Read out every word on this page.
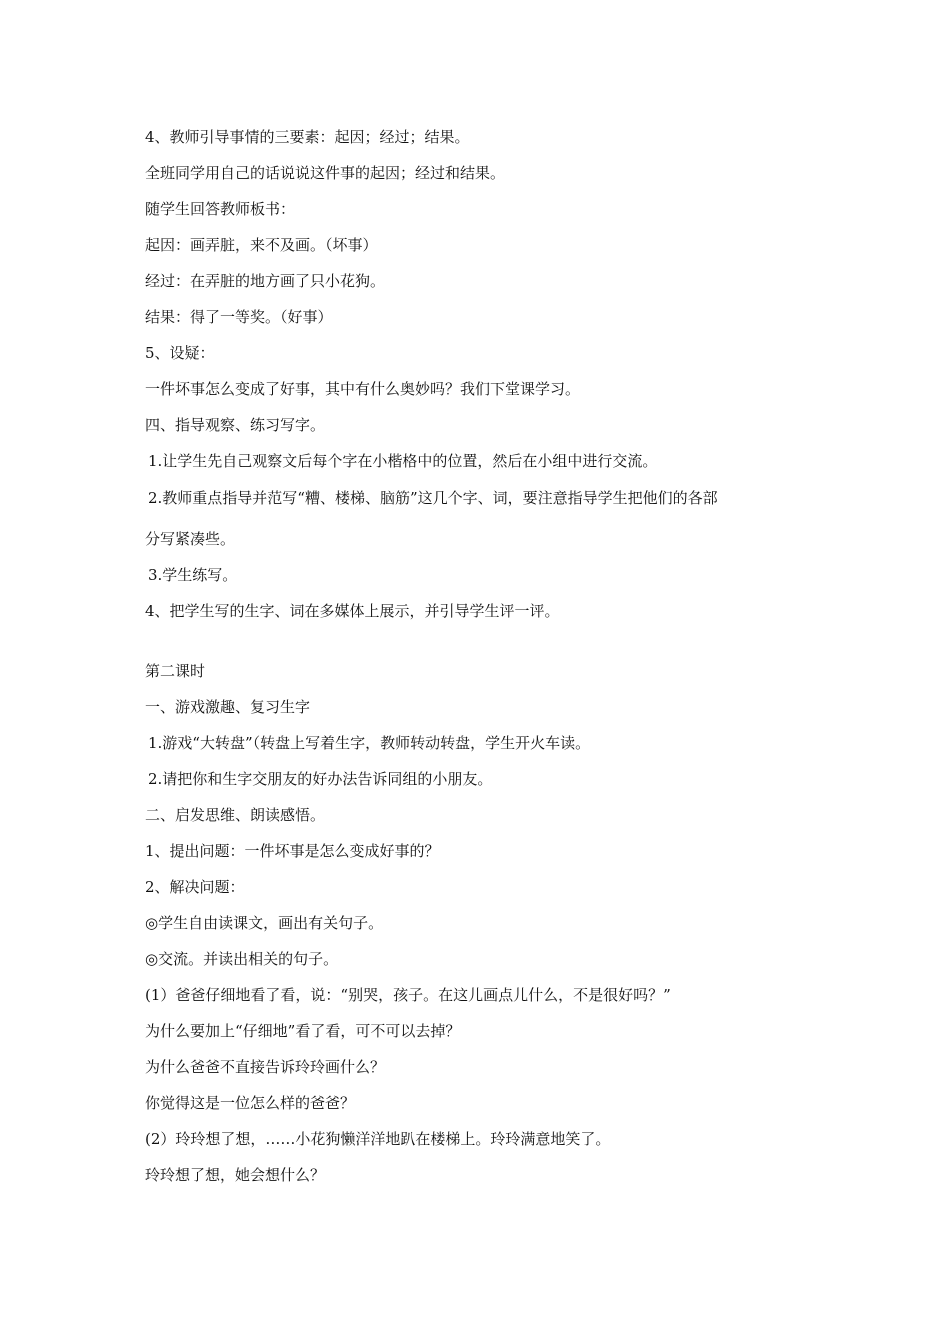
4、教师引导事情的三要素：起因；经过；结果。
全班同学用自己的话说说这件事的起因；经过和结果。
随学生回答教师板书：
起因：画弄脏，来不及画。（坏事）
经过：在弄脏的地方画了只小花狗。
结果：得了一等奖。（好事）
5、设疑：
一件坏事怎么变成了好事，其中有什么奥妙吗？我们下堂课学习。
四、指导观察、练习写字。
1.让学生先自己观察文后每个字在小楷格中的位置，然后在小组中进行交流。
2.教师重点指导并范写“糟、楼梯、脑筋”这几个字、词，要注意指导学生把他们的各部
分写紧凑些。
3.学生练写。
4、把学生写的生字、词在多媒体上展示，并引导学生评一评。
第二课时
一、游戏激趣、复习生字
1.游戏“大转盘”（转盘上写着生字，教师转动转盘，学生开火车读。
2.请把你和生字交朋友的好办法告诉同组的小朋友。
二、启发思维、朗读感悟。
1、提出问题：一件坏事是怎么变成好事的？
2、解决问题：
◎学生自由读课文，画出有关句子。
◎交流。并读出相关的句子。
(1）爸爸仔细地看了看，说：“别哭，孩子。在这儿画点儿什么，不是很好吗？”
为什么要加上“仔细地”看了看，可不可以去掉？
为什么爸爸不直接告诉玲玲画什么？
你觉得这是一位怎么样的爸爸？
(2）玲玲想了想，……小花狗懒洋洋地趴在楼梯上。玲玲满意地笑了。
玲玲想了想，她会想什么？
